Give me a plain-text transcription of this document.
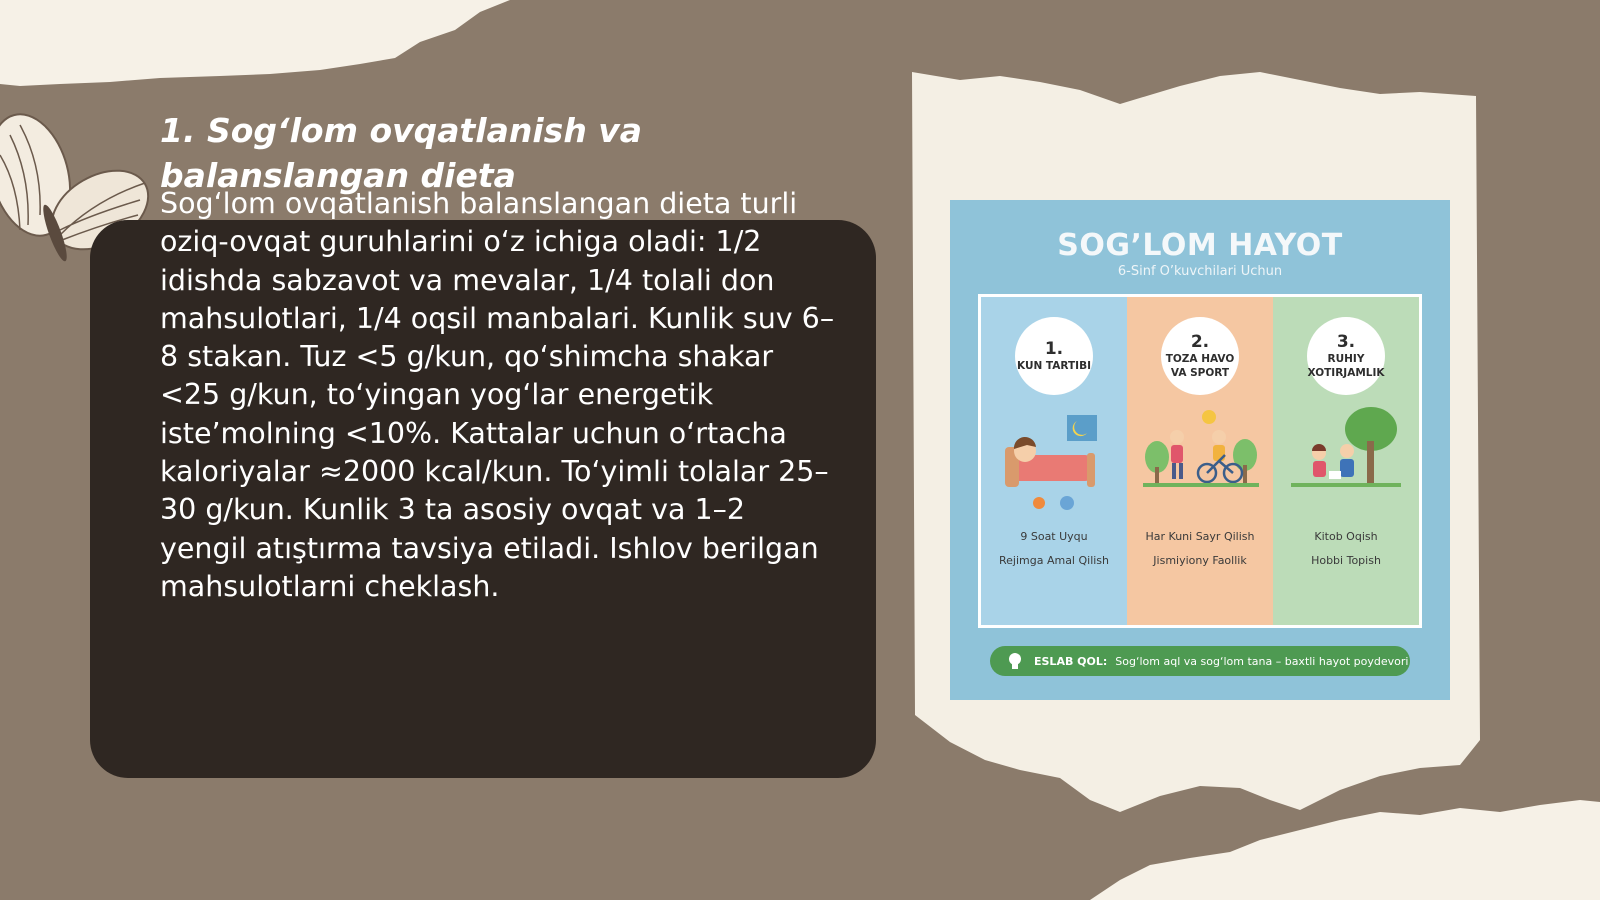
1. Sog‘lom ovqatlanish va balanslangan dieta
Sog‘lom ovqatlanish balanslangan dieta turli oziq-ovqat guruhlarini o‘z ichiga oladi: 1/2 idishda sabzavot va mevalar, 1/4 tolali don mahsulotlari, 1/4 oqsil manbalari. Kunlik suv 6–8 stakan. Tuz <5 g/kun, qo‘shimcha shakar <25 g/kun, to‘yingan yog‘lar energetik iste’molning <10%. Kattalar uchun o‘rtacha kaloriyalar ≈2000 kcal/kun. To‘yimli tolalar 25–30 g/kun. Kunlik 3 ta asosiy ovqat va 1–2 yengil atıştırma tavsiya etiladi. Ishlov berilgan mahsulotlarni cheklash.
SOG’LOM HAYOT
6-Sinf O’kuvchilari Uchun
1.
KUN TARTIBI
9 Soat Uyqu
Rejimga Amal Qilish
2.
TOZA HAVO VA SPORT
Har Kuni Sayr Qilish
Jismiyiony Faollik
3.
RUHIY XOTIRJAMLIK
Kitob Oqish
Hobbi Topish
ESLAB QOL: Sog‘lom aql va sog‘lom tana – baxtli hayot poydevori
